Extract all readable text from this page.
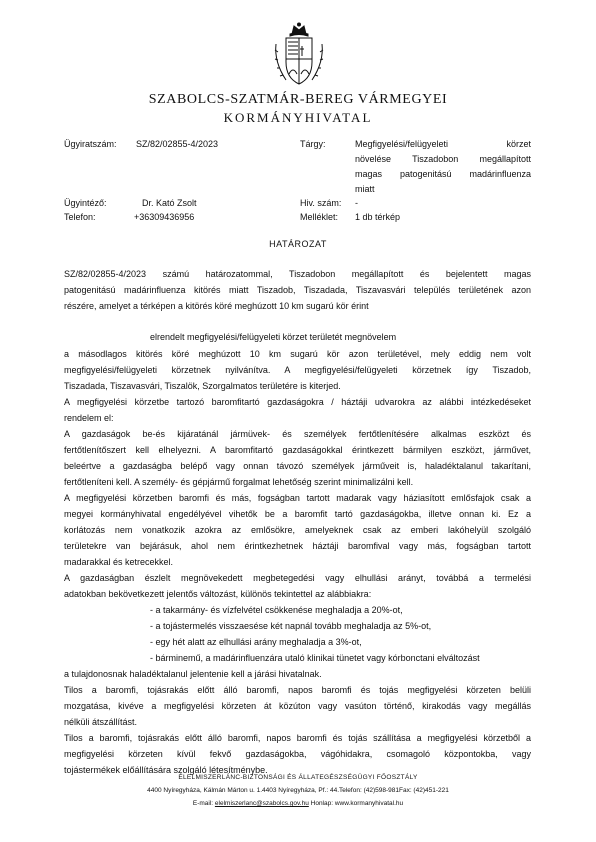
SZABOLCS-SZATMÁR-BEREG VÁRMEGYEI
KORMÁNYHIVATAL
Ügyiratszám: SZ/82/02855-4/2023	Tárgy:	Megfigyelési/felügyeleti körzet
növelése Tiszadobon megállapított
magas patogenitású madárinfluenza
miatt
Ügyintéző:	Dr. Kató Zsolt	Hiv. szám: -
Telefon:	+36309436956	Melléklet: 1 db térkép
HATÁROZAT
SZ/82/02855-4/2023 számú határozatommal, Tiszadobon megállapított és bejelentett magas
patogenitású madárinfluenza kitörés miatt Tiszadob, Tiszadada, Tiszavasvári település területének azon
részére, amelyet a térképen a kitörés köré meghúzott 10 km sugarú kör érint
elrendelt megfigyelési/felügyeleti körzet területét megnövelem
a másodlagos kitörés köré meghúzott 10 km sugarú kör azon területével, mely eddig nem volt
megfigyelési/felügyeleti körzetnek nyilvánítva. A megfigyelési/felügyeleti körzetnek így Tiszadob,
Tiszadada, Tiszavasvári, Tiszalök, Szorgalmatos területére is kiterjed.
A megfigyelési körzetbe tartozó baromfitartó gazdaságokra / háztáji udvarokra az alábbi intézkedéseket
rendelem el:
A gazdaságok be-és kijáratánál jármüvek- és személyek fertőtlenítésére alkalmas eszközt és
fertőtlenítőszert kell elhelyezni. A baromfitartó gazdaságokkal érintkezett bármilyen eszközt, járművet,
beleértve a gazdaságba belépő vagy onnan távozó személyek járműveit is, haladéktalanul takarítani,
fertőtleníteni kell. A személy- és gépjármű forgalmat lehetőség szerint minimalizálni kell.
A megfigyelési körzetben baromfi és más, fogságban tartott madarak vagy háziasított emlősfajok csak a
megyei kormányhivatal engedélyével vihetők be a baromfit tartó gazdaságokba, illetve onnan ki. Ez a
korlátozás nem vonatkozik azokra az emlősökre, amelyeknek csak az emberi lakóhelyül szolgáló
területekre van bejárásuk, ahol nem érintkezhetnek háztáji baromfival vagy más, fogságban tartott
madarakkal és ketrecekkel.
A gazdaságban észlelt megnövekedett megbetegedési vagy elhullási arányt, továbbá a termelési
adatokban bekövetkezett jelentős változást, különös tekintettel az alábbiakra:
- a takarmány- és vízfelvétel csökkenése meghaladja a 20%-ot,
- a tojástermelés visszaesése két napnál tovább meghaladja az 5%-ot,
- egy hét alatt az elhullási arány meghaladja a 3%-ot,
- bárminemű, a madárinfluenzára utaló klinikai tünetet vagy kórbonctani elváltozást
a tulajdonosnak haladéktalanul jelentenie kell a járási hivatalnak.
Tilos a baromfi, tojásrakás előtt álló baromfi, napos baromfi és tojás megfigyelési körzeten belüli
mozgatása, kivéve a megfigyelési körzeten át közúton vagy vasúton történő, kirakodás vagy megállás
nélküli átszállítást.
Tilos a baromfi, tojásrakás előtt álló baromfi, napos baromfi és tojás szállítása a megfigyelési körzetből a
megfigyelési körzeten kívül fekvő gazdaságokba, vágóhidakra, csomagoló központokba, vagy
tojástermékek előállítására szolgáló létesítménybe.
ÉLELMISZERLÁNC-BIZTONSÁGI ÉS ÁLLATEGÉSZSÉGÜGYI FŐOSZTÁLY
4400 Nyíregyháza, Kálmán Márton u. 1.4403 Nyíregyháza, Pf.: 44.Telefon: (42)598-981Fax: (42)451-221
E-mail: elelmiszerlanc@szabolcs.gov.hu Honlap: www.kormanyhivatal.hu
